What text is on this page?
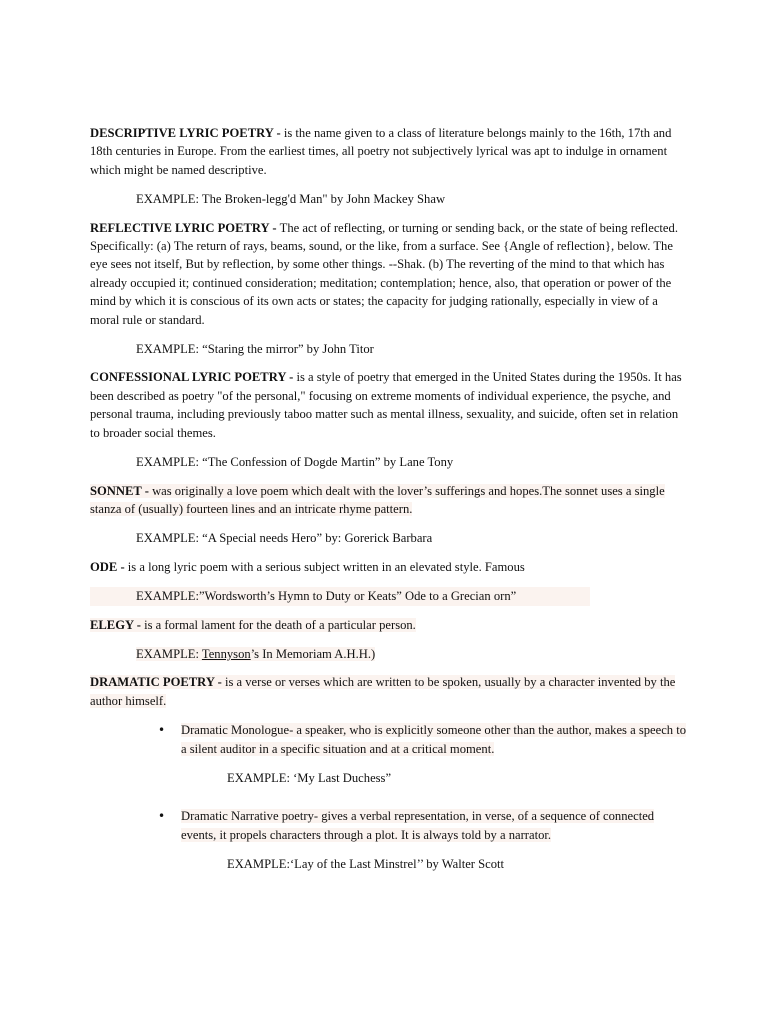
DESCRIPTIVE LYRIC POETRY - is the name given to a class of literature belongs mainly to the 16th, 17th and 18th centuries in Europe. From the earliest times, all poetry not subjectively lyrical was apt to indulge in ornament which might be named descriptive.

EXAMPLE: The Broken-legg'd Man" by John Mackey Shaw

REFLECTIVE LYRIC POETRY - The act of reflecting, or turning or sending back, or the state of being reflected. Specifically: (a) The return of rays, beams, sound, or the like, from a surface. See {Angle of reflection}, below. The eye sees not itself, But by reflection, by some other things. --Shak. (b) The reverting of the mind to that which has already occupied it; continued consideration; meditation; contemplation; hence, also, that operation or power of the mind by which it is conscious of its own acts or states; the capacity for judging rationally, especially in view of a moral rule or standard.

EXAMPLE: “Staring the mirror” by John Titor

CONFESSIONAL LYRIC POETRY - is a style of poetry that emerged in the United States during the 1950s. It has been described as poetry "of the personal," focusing on extreme moments of individual experience, the psyche, and personal trauma, including previously taboo matter such as mental illness, sexuality, and suicide, often set in relation to broader social themes.

EXAMPLE: “The Confession of Dogde Martin” by Lane Tony

SONNET - was originally a love poem which dealt with the lover’s sufferings and hopes.The sonnet uses a single stanza of (usually) fourteen lines and an intricate rhyme pattern.

EXAMPLE: “A Special needs Hero” by: Gorerick Barbara

ODE - is a long lyric poem with a serious subject written in an elevated style. Famous

EXAMPLE:”Wordsworth’s Hymn to Duty or Keats” Ode to a Grecian orn”

ELEGY - is a formal lament for the death of a particular person.

EXAMPLE: Tennyson’s In Memoriam A.H.H.)

DRAMATIC POETRY - is a verse or verses which are written to be spoken, usually by a character invented by the author himself.

• Dramatic Monologue- a speaker, who is explicitly someone other than the author, makes a speech to a silent auditor in a specific situation and at a critical moment.

EXAMPLE: ‘My Last Duchess”

• Dramatic Narrative poetry- gives a verbal representation, in verse, of a sequence of connected events, it propels characters through a plot. It is always told by a narrator.

EXAMPLE:‘Lay of the Last Minstrel’’ by Walter Scott
